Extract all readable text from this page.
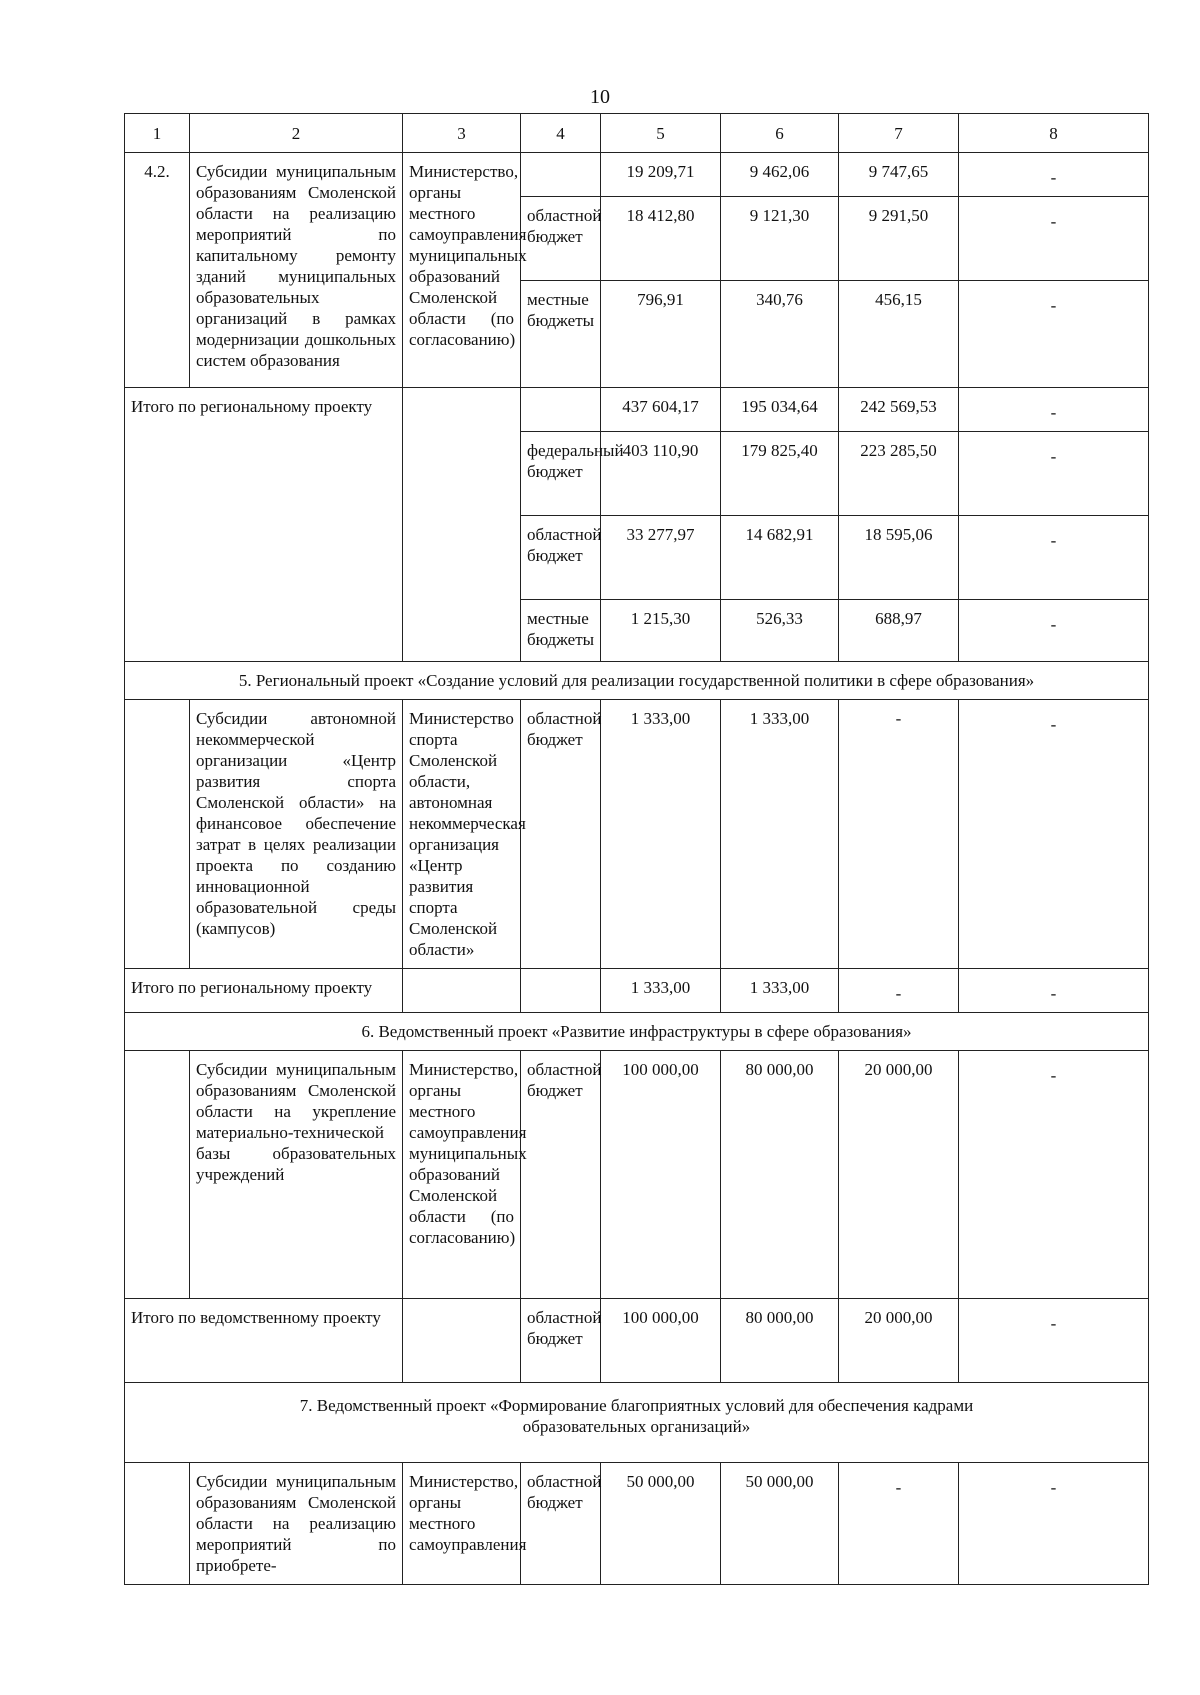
10
1	2	3	4	5	6	7	8
4.2.	Субсидии муниципальным образованиям Смоленской области на реализацию мероприятий по капитальному ремонту зданий муниципальных образовательных организаций в рамках модернизации дошкольных систем образования	Министерство, органы местного самоуправления муниципальных образований Смоленской области (по согласованию)		19 209,71	9 462,06	9 747,65	-
			областной бюджет	18 412,80	9 121,30	9 291,50	-
			местные бюджеты	796,91	340,76	456,15	-
Итого по региональному проекту				437 604,17	195 034,64	242 569,53	-
			федеральный бюджет	403 110,90	179 825,40	223 285,50	-
			областной бюджет	33 277,97	14 682,91	18 595,06	-
			местные бюджеты	1 215,30	526,33	688,97	-
5. Региональный проект «Создание условий для реализации государственной политики в сфере образования»							
	Субсидии автономной некоммерческой организации «Центр развития спорта Смоленской области» на финансовое обеспечение затрат в целях реализации проекта по созданию инновационной образовательной среды (кампусов)	Министерство спорта Смоленской области, автономная некоммерческая организация «Центр развития спорта Смоленской области»	областной бюджет	1 333,00	1 333,00	-	-
Итого по региональному проекту				1 333,00	1 333,00	-	-
6. Ведомственный проект «Развитие инфраструктуры в сфере образования»							
	Субсидии муниципальным образованиям Смоленской области на укрепление материально-технической базы образовательных учреждений	Министерство, органы местного самоуправления муниципальных образований Смоленской области (по согласованию)	областной бюджет	100 000,00	80 000,00	20 000,00	-
Итого по ведомственному проекту			областной бюджет	100 000,00	80 000,00	20 000,00	-
7. Ведомственный проект «Формирование благоприятных условий для обеспечения кадрами образовательных организаций»							
	Субсидии муниципальным образованиям Смоленской области на реализацию мероприятий по приобрете-	Министерство, органы местного самоуправления	областной бюджет	50 000,00	50 000,00	-	-
